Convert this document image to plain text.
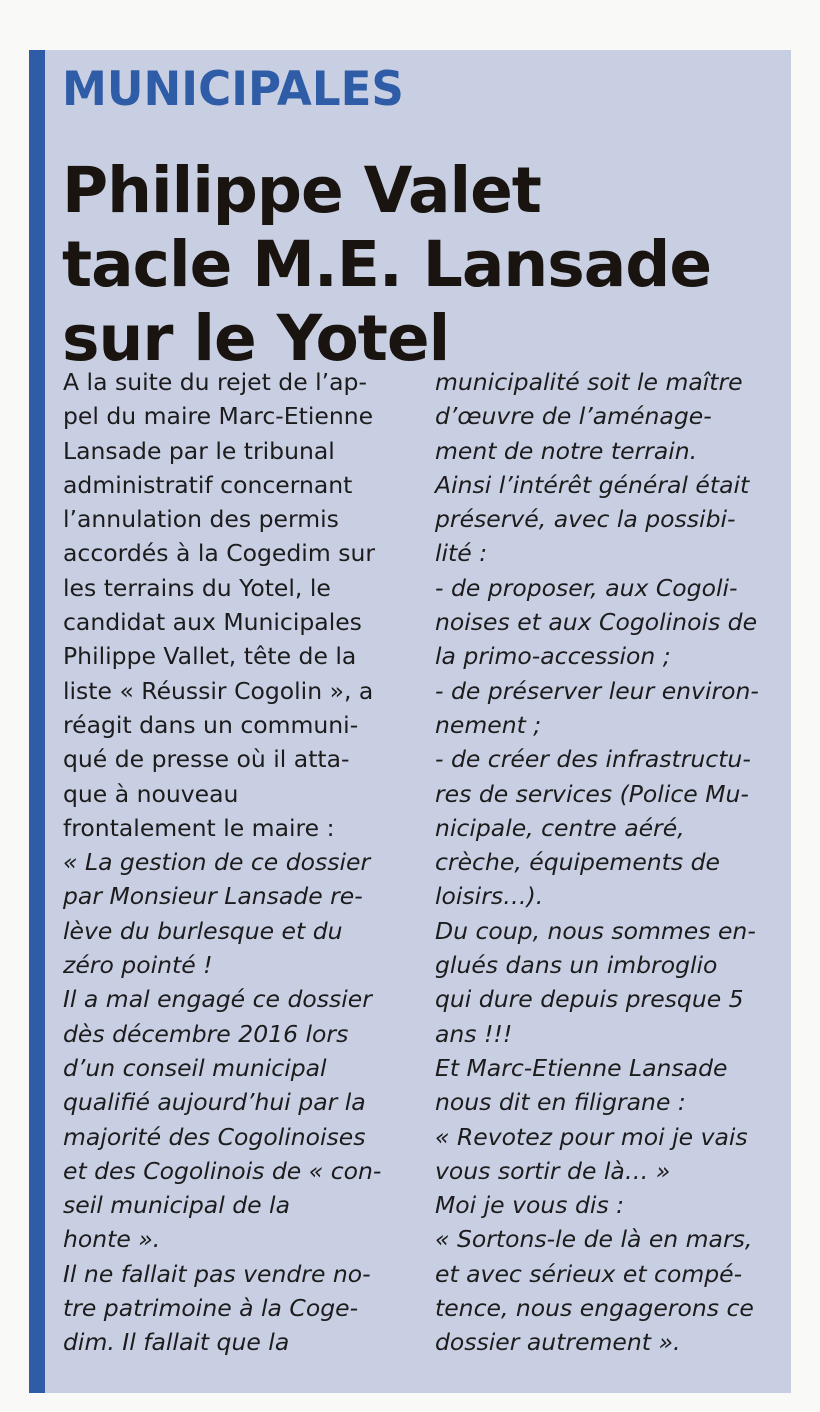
MUNICIPALES
Philippe Valet
tacle M.E. Lansade
sur le Yotel
A la suite du rejet de l’ap-
pel du maire Marc-Etienne
Lansade par le tribunal
administratif concernant
l’annulation des permis
accordés à la Cogedim sur
les terrains du Yotel, le
candidat aux Municipales
Philippe Vallet, tête de la
liste « Réussir Cogolin », a
réagit dans un communi-
qué de presse où il atta-
que à nouveau
frontalement le maire :
« La gestion de ce dossier
par Monsieur Lansade re-
lève du burlesque et du
zéro pointé !
Il a mal engagé ce dossier
dès décembre 2016 lors
d’un conseil municipal
qualifié aujourd’hui par la
majorité des Cogolinoises
et des Cogolinois de « con-
seil municipal de la
honte ».
Il ne fallait pas vendre no-
tre patrimoine à la Coge-
dim. Il fallait que la
municipalité soit le maître
d’œuvre de l’aménage-
ment de notre terrain.
Ainsi l’intérêt général était
préservé, avec la possibi-
lité :
- de proposer, aux Cogoli-
noises et aux Cogolinois de
la primo-accession ;
- de préserver leur environ-
nement ;
- de créer des infrastructu-
res de services (Police Mu-
nicipale, centre aéré,
crèche, équipements de
loisirs…).
Du coup, nous sommes en-
glués dans un imbroglio
qui dure depuis presque 5
ans !!!
Et Marc-Etienne Lansade
nous dit en filigrane :
« Revotez pour moi je vais
vous sortir de là… »
Moi je vous dis :
« Sortons-le de là en mars,
et avec sérieux et compé-
tence, nous engagerons ce
dossier autrement ».
